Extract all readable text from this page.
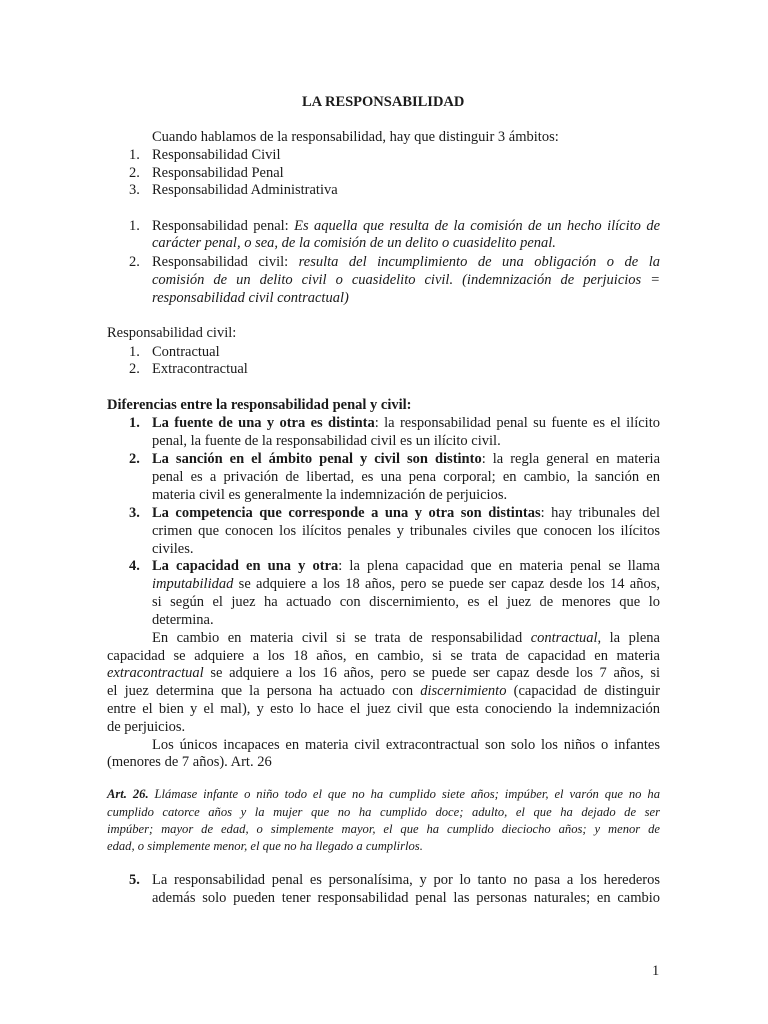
LA RESPONSABILIDAD
Cuando hablamos de la responsabilidad, hay que distinguir 3 ámbitos:
1. Responsabilidad Civil
2. Responsabilidad Penal
3. Responsabilidad Administrativa
1. Responsabilidad penal: Es aquella que resulta de la comisión de un hecho ilícito de
carácter penal, o sea, de la comisión de un delito o cuasidelito penal.
2. Responsabilidad civil: resulta del incumplimiento de una obligación o de la
comisión de un delito civil o cuasidelito civil. (indemnización de perjuicios =
responsabilidad civil contractual)
Responsabilidad civil:
1. Contractual
2. Extracontractual
Diferencias entre la responsabilidad penal y civil:
1. La fuente de una y otra es distinta: la responsabilidad penal su fuente es el ilícito
penal, la fuente de la responsabilidad civil es un ilícito civil.
2. La sanción en el ámbito penal y civil son distinto: la regla general en materia
penal es a privación de libertad, es una pena corporal; en cambio, la sanción en
materia civil es generalmente la indemnización de perjuicios.
3. La competencia que corresponde a una y otra son distintas: hay tribunales del
crimen que conocen los ilícitos penales y tribunales civiles que conocen los ilícitos
civiles.
4. La capacidad en una y otra: la plena capacidad que en materia penal se llama
imputabilidad se adquiere a los 18 años, pero se puede ser capaz desde los 14 años,
si según el juez ha actuado con discernimiento, es el juez de menores que lo
determina.
En cambio en materia civil si se trata de responsabilidad contractual, la plena
capacidad se adquiere a los 18 años, en cambio, si se trata de capacidad en materia
extracontractual se adquiere a los 16 años, pero se puede ser capaz desde los 7 años, si
el juez determina que la persona ha actuado con discernimiento (capacidad de distinguir
entre el bien y el mal), y esto lo hace el juez civil que esta conociendo la indemnización
de perjuicios.
Los únicos incapaces en materia civil extracontractual son solo los niños o infantes
(menores de 7 años). Art. 26
Art. 26. Llámase infante o niño todo el que no ha cumplido siete años; impúber, el varón que no ha
cumplido catorce años y la mujer que no ha cumplido doce; adulto, el que ha dejado de ser
impúber; mayor de edad, o simplemente mayor, el que ha cumplido dieciocho años; y menor de
edad, o simplemente menor, el que no ha llegado a cumplirlos.
5. La responsabilidad penal es personalísima, y por lo tanto no pasa a los herederos
además solo pueden tener responsabilidad penal las personas naturales; en cambio
1
